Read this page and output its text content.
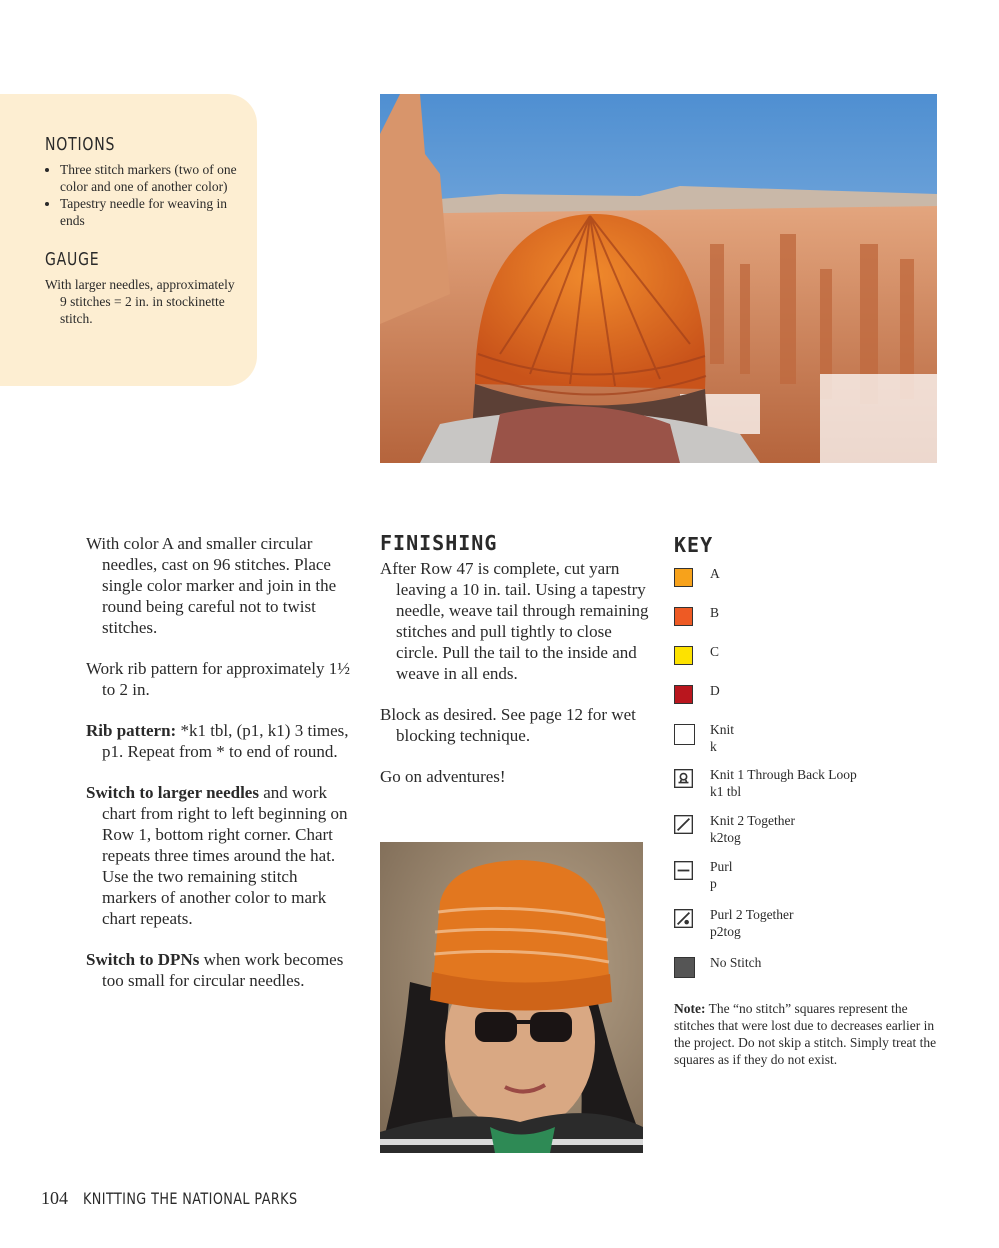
NOTIONS
• Three stitch markers (two of one color and one of another color)
• Tapestry needle for weaving in ends
GAUGE

With larger needles, approximately 9 stitches = 2 in. in stockinette stitch.

With color A and smaller circular needles, cast on 96 stitches. Place single color marker and join in the round being careful not to twist stitches.

Work rib pattern for approximately 1½ to 2 in.

Rib pattern: *k1 tbl, (p1, k1) 3 times, p1. Repeat from * to end of round.

Switch to larger needles and work chart from right to left beginning on Row 1, bottom right corner. Chart repeats three times around the hat. Use the two remaining stitch markers of another color to mark chart repeats.

Switch to DPNs when work becomes too small for circular needles.

FINISHING

After Row 47 is complete, cut yarn leaving a 10 in. tail. Using a tapestry needle, weave tail through remaining stitches and pull tightly to close circle. Pull the tail to the inside and weave in all ends.

Block as desired. See page 12 for wet blocking technique.

Go on adventures!

KEY
A
B
C
D
Knit
k
Knit 1 Through Back Loop
k1 tbl
Knit 2 Together
k2tog
Purl
p
Purl 2 Together
p2tog
No Stitch
Note: The “no stitch” squares represent the stitches that were lost due to decreases earlier in the project. Do not skip a stitch. Simply treat the squares as if they do not exist.
104 KNITTING THE NATIONAL PARKS
